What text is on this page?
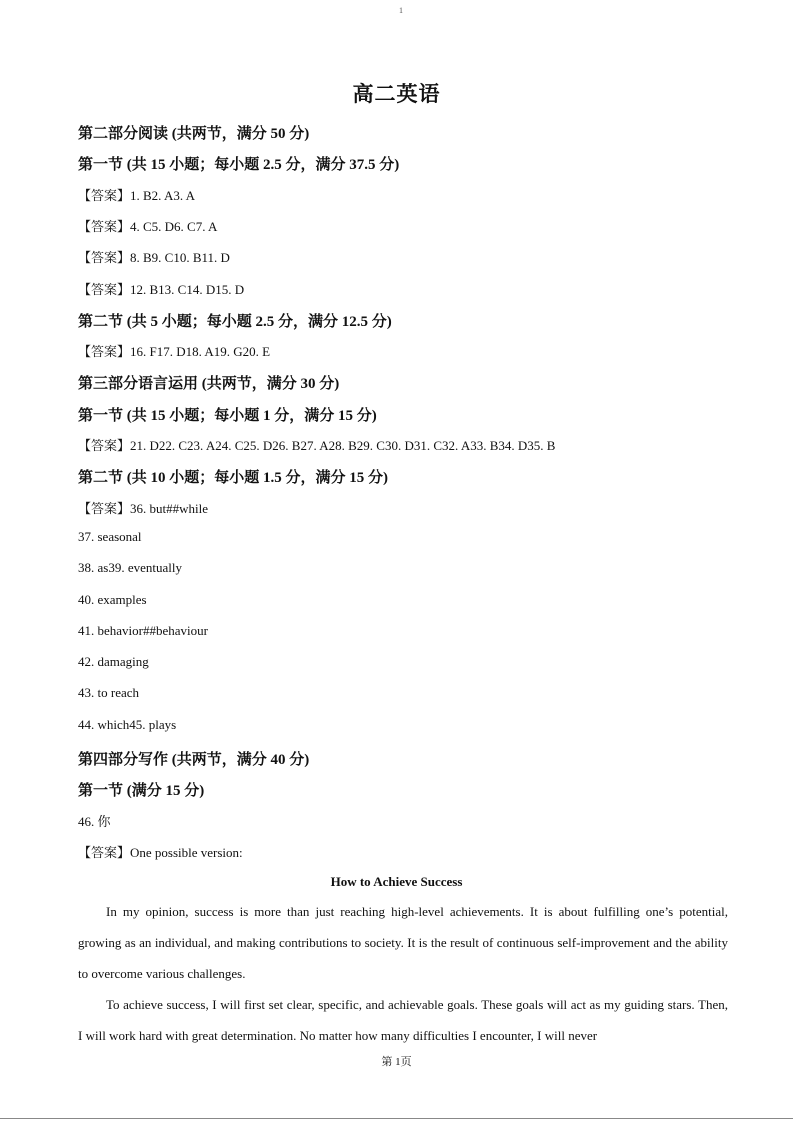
1
高二英语
第二部分阅读 (共两节，满分 50 分)
第一节 (共 15 小题；每小题 2.5 分，满分 37.5 分)
【答案】1. B2. A3. A
【答案】4. C5. D6. C7. A
【答案】8. B9. C10. B11. D
【答案】12. B13. C14. D15. D
第二节 (共 5 小题；每小题 2.5 分，满分 12.5 分)
【答案】16. F17. D18. A19. G20. E
第三部分语言运用 (共两节，满分 30 分)
第一节 (共 15 小题；每小题 1 分，满分 15 分)
【答案】21. D22. C23. A24. C25. D26. B27. A28. B29. C30. D31. C32. A33. B34. D35. B
第二节 (共 10 小题；每小题 1.5 分，满分 15 分)
【答案】36. but##while
37. seasonal
38. as39. eventually
40. examples
41. behavior##behaviour
42. damaging
43. to reach
44. which45. plays
第四部分写作 (共两节，满分 40 分)
第一节 (满分 15 分)
46. 你
【答案】One possible version:
How to Achieve Success

In my opinion, success is more than just reaching high-level achievements. It is about fulfilling one’s potential, growing as an individual, and making contributions to society. It is the result of continuous self-improvement and the ability to overcome various challenges.

To achieve success, I will first set clear, specific, and achievable goals. These goals will act as my guiding stars. Then, I will work hard with great determination. No matter how many difficulties I encounter, I will never

第 1页
